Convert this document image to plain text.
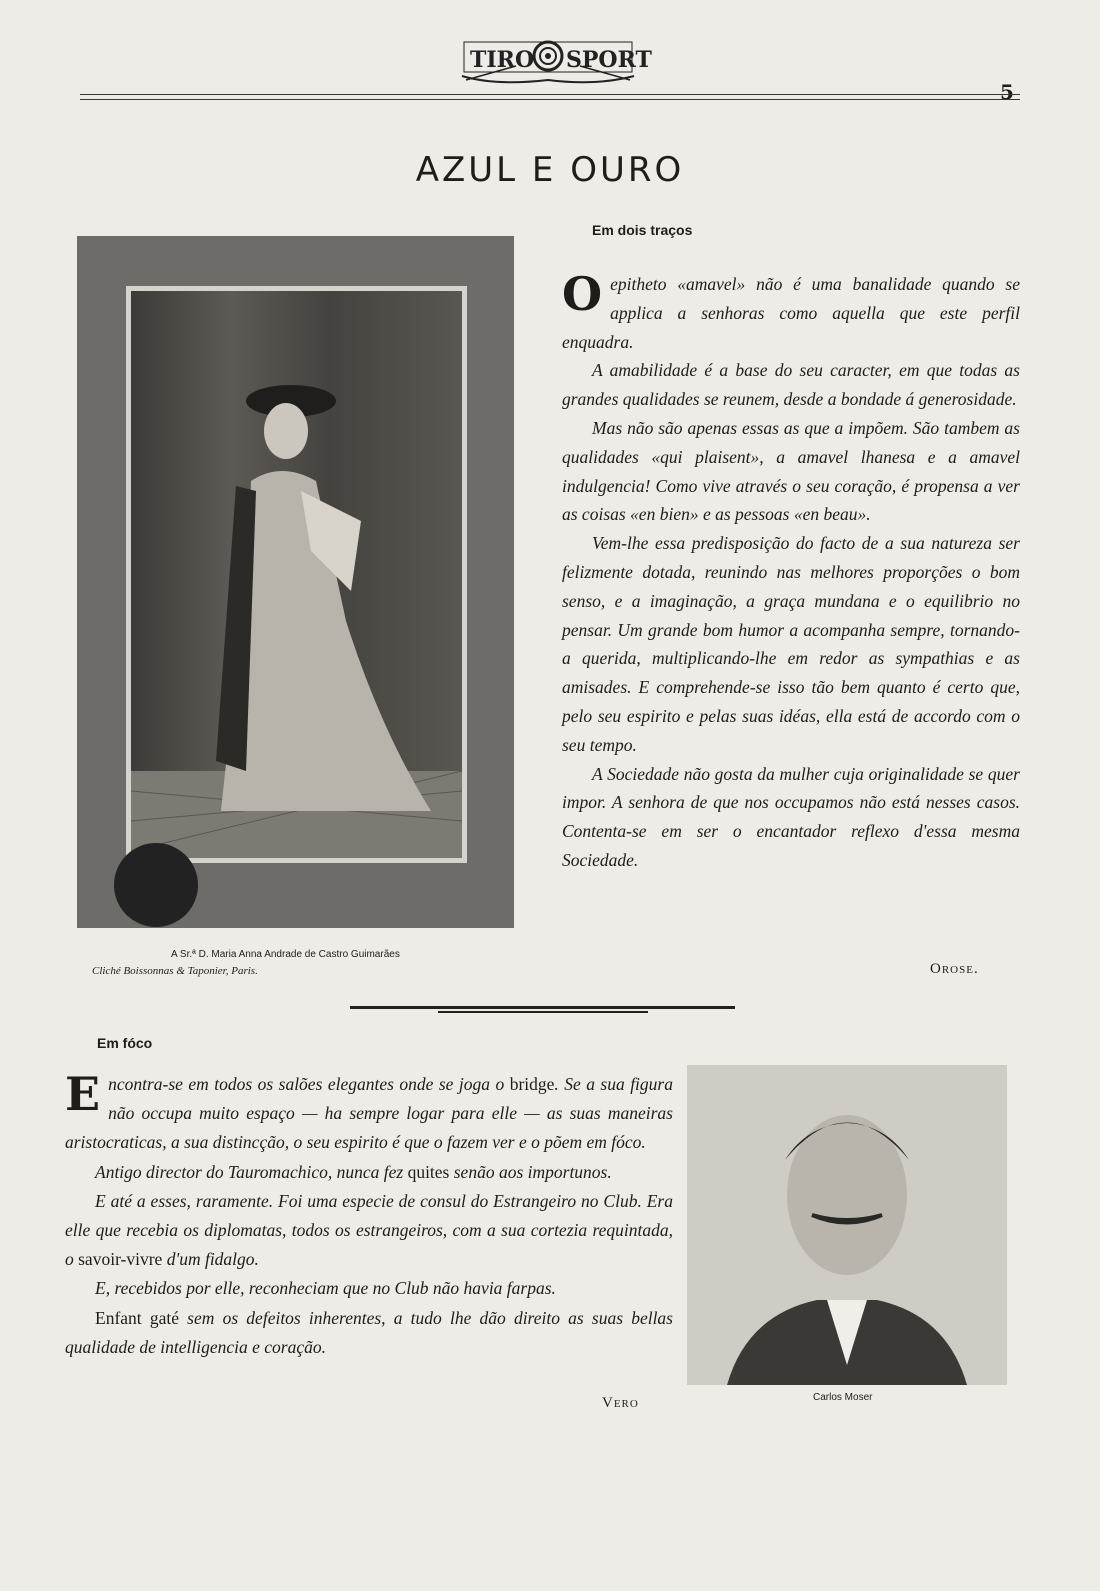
TIRO SPORT
5
AZUL E OURO
Em dois traços
A Sr.ª D. Maria Anna Andrade de Castro Guimarães
Cliché Boissonnas & Taponier, Paris.

Oepitheto «amavel» não é uma banalidade quando se applica a senhoras como aquella que este perfil enquadra.

A amabilidade é a base do seu caracter, em que todas as grandes qualidades se reunem, desde a bondade á generosidade.

Mas não são apenas essas as que a impõem. São tambem as qualidades «qui plaisent», a amavel lhanesa e a amavel indulgencia! Como vive através o seu coração, é propensa a ver as coisas «en bien» e as pessoas «en beau».

Vem-lhe essa predisposição do facto de a sua natureza ser felizmente dotada, reunindo nas melhores proporções o bom senso, e a imaginação, a graça mundana e o equilibrio no pensar. Um grande bom humor a acompanha sempre, tornando-a querida, multiplicando-lhe em redor as sympathias e as amisades. E comprehende-se isso tão bem quanto é certo que, pelo seu espirito e pelas suas idéas, ella está de accordo com o seu tempo.

A Sociedade não gosta da mulher cuja originalidade se quer impor. A senhora de que nos occupamos não está nesses casos. Contenta-se em ser o encantador reflexo d'essa mesma Sociedade.

Orose.
Em fóco

Encontra-se em todos os salões elegantes onde se joga o bridge. Se a sua figura não occupa muito espaço — ha sempre logar para elle — as suas maneiras aristocraticas, a sua distincção, o seu espirito é que o fazem ver e o põem em fóco.

Antigo director do Tauromachico, nunca fez quites senão aos importunos.

E até a esses, raramente. Foi uma especie de consul do Estrangeiro no Club. Era elle que recebia os diplomatas, todos os estrangeiros, com a sua cortezia requintada, o savoir-vivre d'um fidalgo.

E, recebidos por elle, reconheciam que no Club não havia farpas.

Enfant gaté sem os defeitos inherentes, a tudo lhe dão direito as suas bellas qualidade de intelligencia e coração.

Vero	Carlos Moser
